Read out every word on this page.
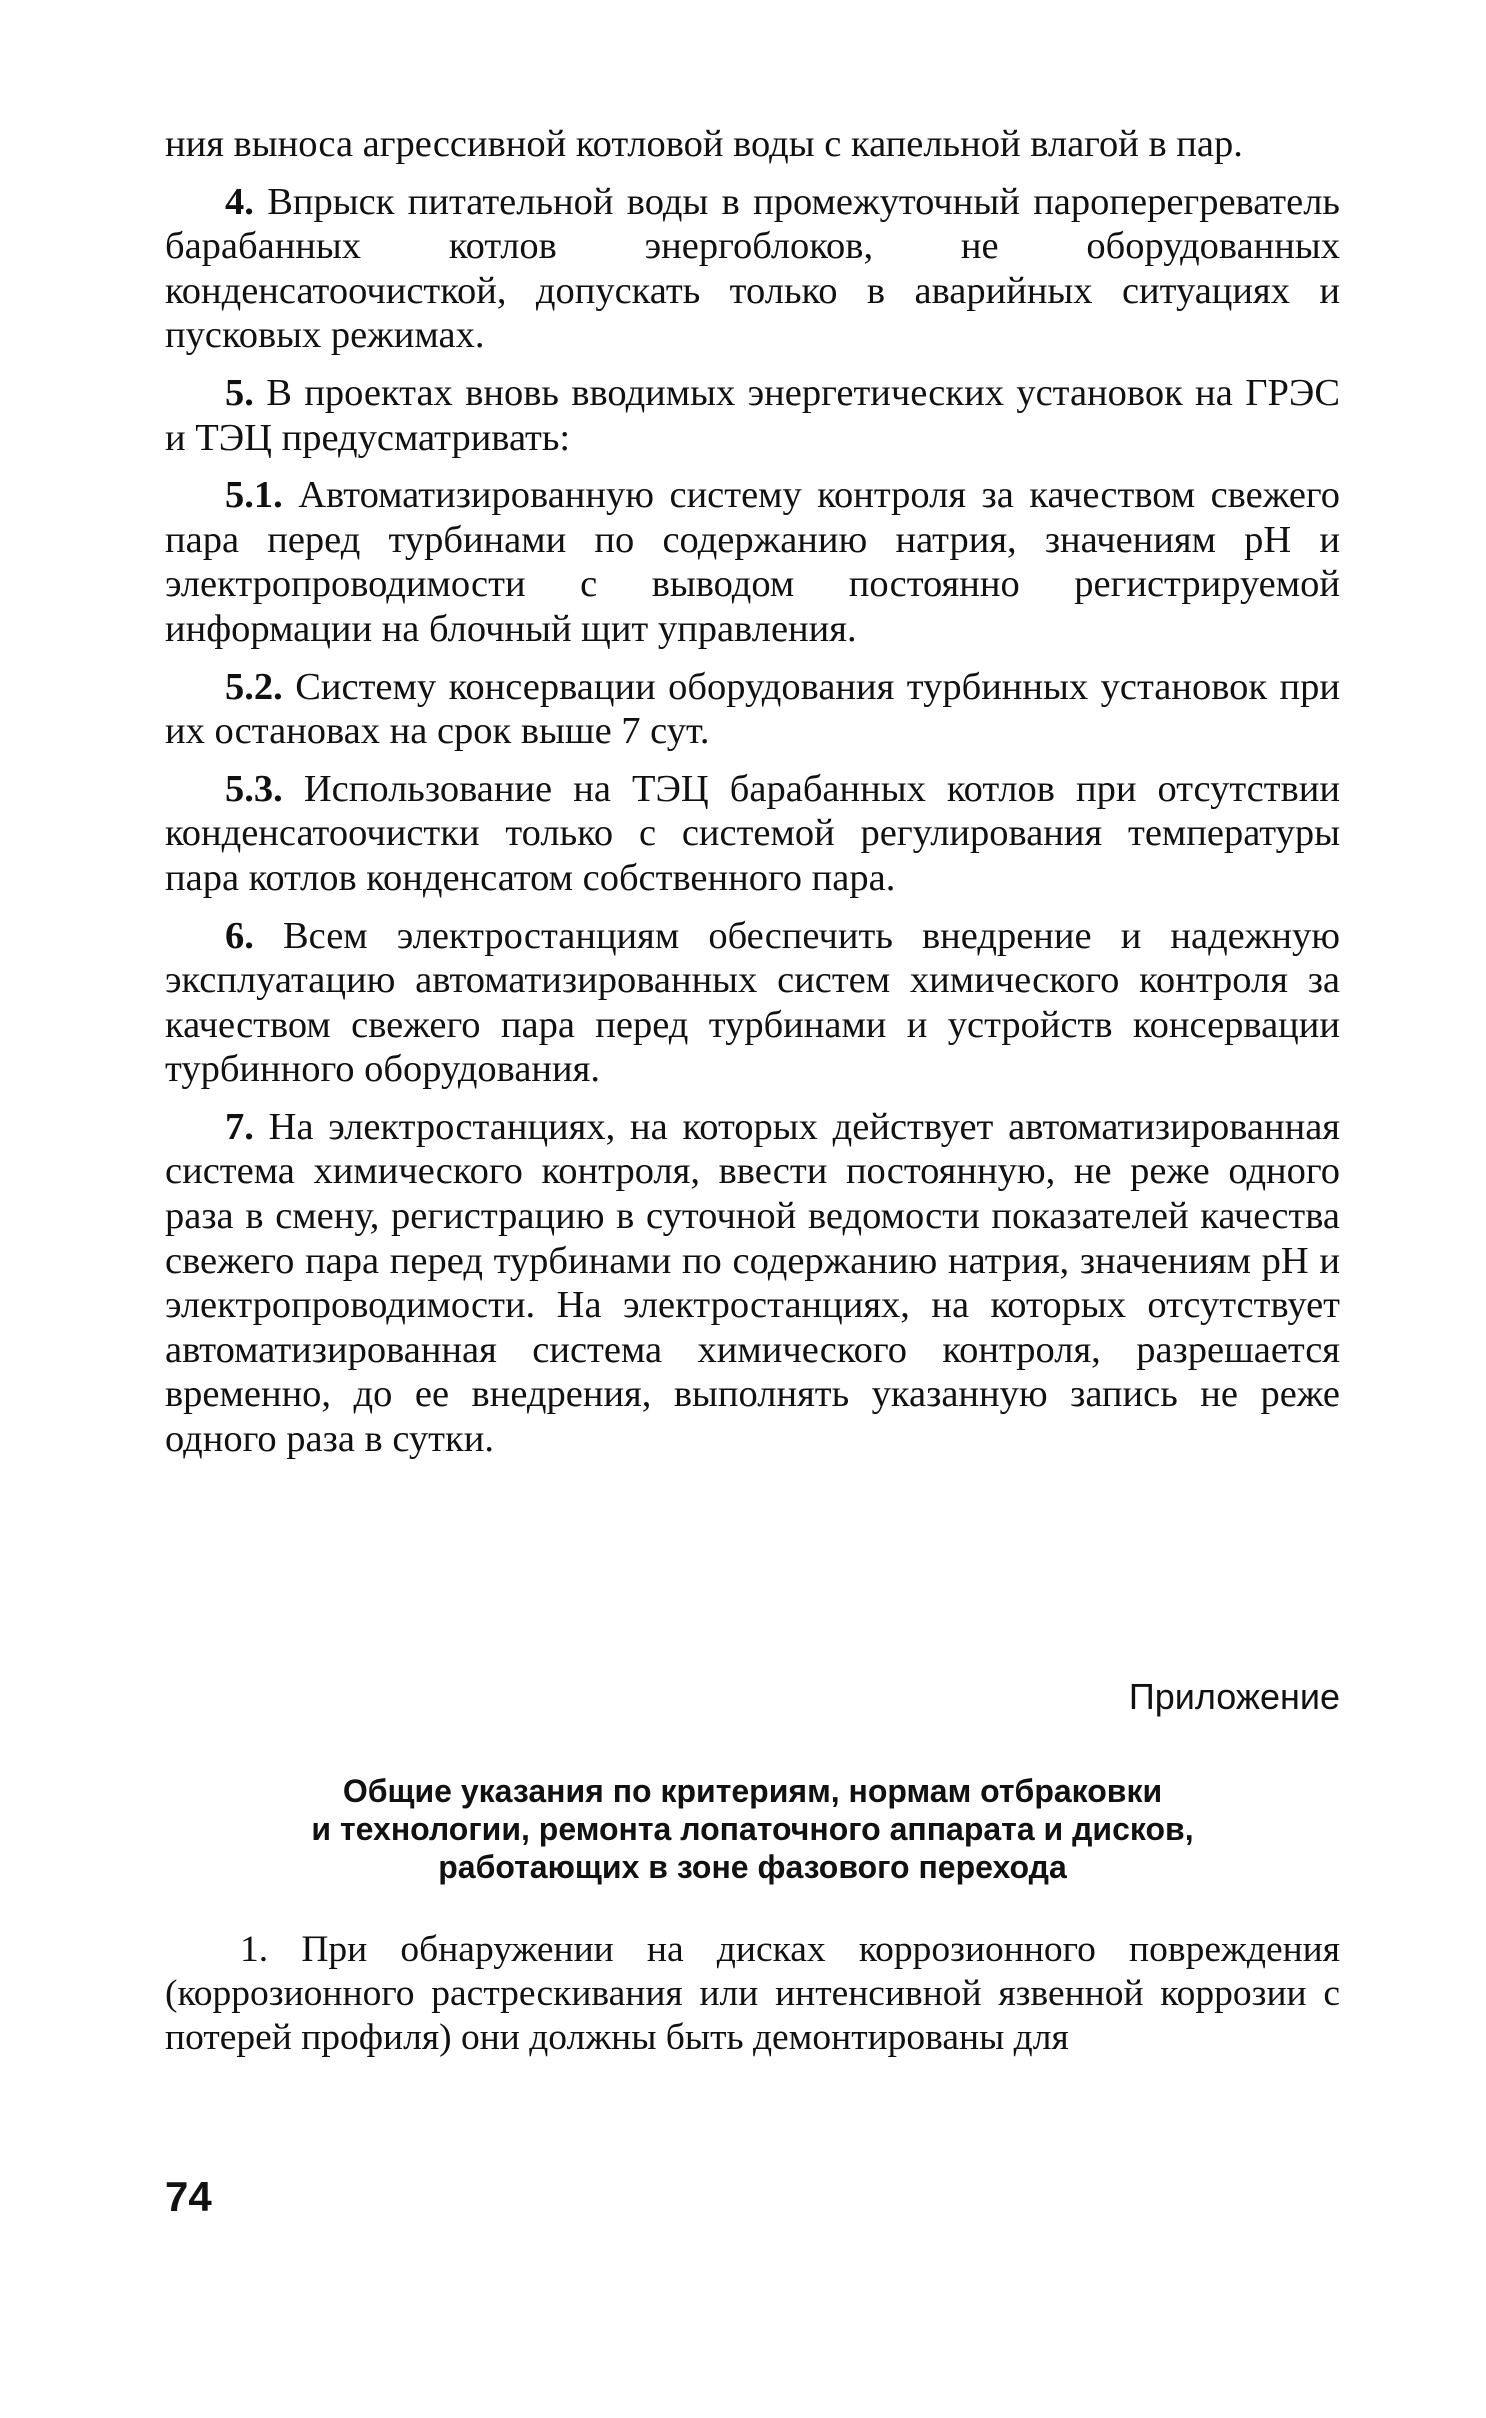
ния выноса агрессивной котловой воды с капельной влагой в пар.

4. Впрыск питательной воды в промежуточный пароперегреватель барабанных котлов энергоблоков, не оборудованных конденсатоочисткой, допускать только в аварийных ситуациях и пусковых режимах.

5. В проектах вновь вводимых энергетических установок на ГРЭС и ТЭЦ предусматривать:

5.1. Автоматизированную систему контроля за качеством свежего пара перед турбинами по содержанию натрия, значениям pH и электропроводимости с выводом постоянно регистрируемой информации на блочный щит управления.

5.2. Систему консервации оборудования турбинных установок при их остановах на срок выше 7 сут.

5.3. Использование на ТЭЦ барабанных котлов при отсутствии конденсатоочистки только с системой регулирования температуры пара котлов конденсатом собственного пара.

6. Всем электростанциям обеспечить внедрение и надежную эксплуатацию автоматизированных систем химического контроля за качеством свежего пара перед турбинами и устройств консервации турбинного оборудования.

7. На электростанциях, на которых действует автоматизированная система химического контроля, ввести постоянную, не реже одного раза в смену, регистрацию в суточной ведомости показателей качества свежего пара перед турбинами по содержанию натрия, значениям pH и электропроводимости. На электростанциях, на которых отсутствует автоматизированная система химического контроля, разрешается временно, до ее внедрения, выполнять указанную запись не реже одного раза в сутки.

Приложение
Общие указания по критериям, нормам отбраковки
и технологии, ремонта лопаточного аппарата и дисков,
работающих в зоне фазового перехода

1. При обнаружении на дисках коррозионного повреждения (коррозионного растрескивания или интенсивной язвенной коррозии с потерей профиля) они должны быть демонтированы для

74
